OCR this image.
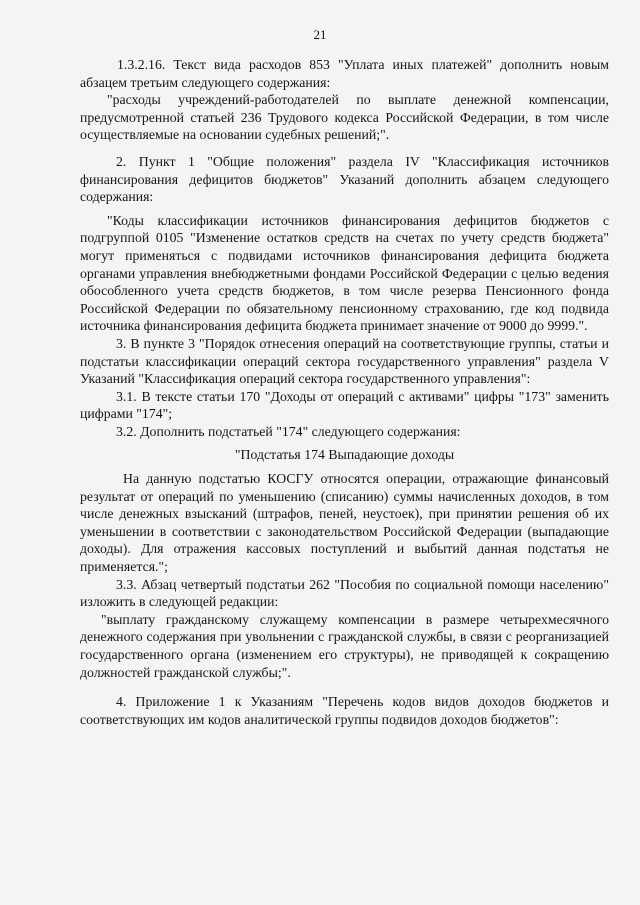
21

1.3.2.16. Текст вида расходов 853 "Уплата иных платежей" дополнить новым абзацем третьим следующего содержания:

"расходы учреждений-работодателей по выплате денежной компенсации, предусмотренной статьей 236 Трудового кодекса Российской Федерации, в том числе осуществляемые на основании судебных решений;".

2. Пункт 1 "Общие положения" раздела IV "Классификация источников финансирования дефицитов бюджетов" Указаний дополнить абзацем следующего содержания:

"Коды классификации источников финансирования дефицитов бюджетов с подгруппой 0105 "Изменение остатков средств на счетах по учету средств бюджета" могут применяться с подвидами источников финансирования дефицита бюджета органами управления внебюджетными фондами Российской Федерации с целью ведения обособленного учета средств бюджетов, в том числе резерва Пенсионного фонда Российской Федерации по обязательному пенсионному страхованию, где код подвида источника финансирования дефицита бюджета принимает значение от 9000 до 9999.".

3. В пункте 3 "Порядок отнесения операций на соответствующие группы, статьи и подстатьи классификации операций сектора государственного управления" раздела V Указаний "Классификация операций сектора государственного управления":

3.1. В тексте статьи 170 "Доходы от операций с активами" цифры "173" заменить цифрами "174";

3.2. Дополнить подстатьей "174" следующего содержания:

"Подстатья 174 Выпадающие доходы

На данную подстатью КОСГУ относятся операции, отражающие финансовый результат от операций по уменьшению (списанию) суммы начисленных доходов, в том числе денежных взысканий (штрафов, пеней, неустоек), при принятии решения об их уменьшении в соответствии с законодательством Российской Федерации (выпадающие доходы). Для отражения кассовых поступлений и выбытий данная подстатья не применяется.";

3.3. Абзац четвертый подстатьи 262 "Пособия по социальной помощи населению" изложить в следующей редакции:

"выплату гражданскому служащему компенсации в размере четырехмесячного денежного содержания при увольнении с гражданской службы, в связи с реорганизацией государственного органа (изменением его структуры), не приводящей к сокращению должностей гражданской службы;".

4. Приложение 1 к Указаниям "Перечень кодов видов доходов бюджетов и соответствующих им кодов аналитической группы подвидов доходов бюджетов":
